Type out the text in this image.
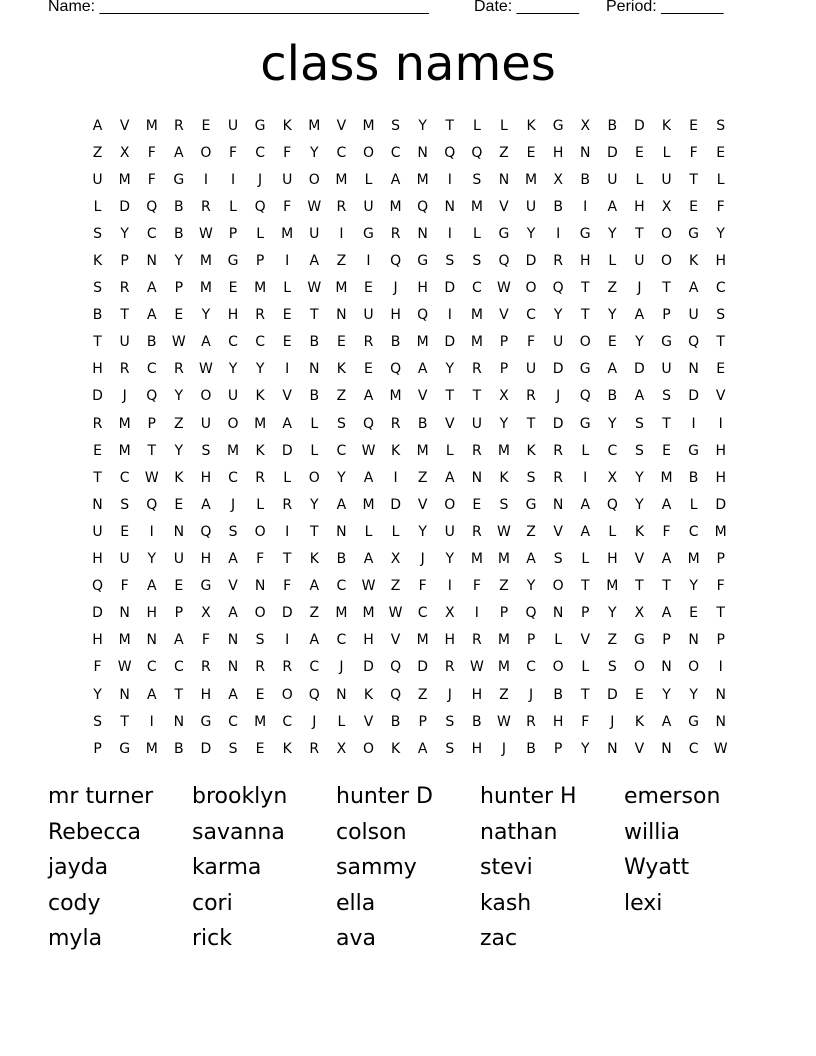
Name: _____________________________________	Date: _______ Period: _______
class names
A	V	M	R	E	U	G	K	M	V	M	S	Y	T	L	L	K	G	X	B	D	K	E	S
Z	X	F	A	O	F	C	F	Y	C	O	C	N	Q	Q	Z	E	H	N	D	E	L	F	E
U	M	F	G	I	I	J	U	O	M	L	A	M	I	S	N	M	X	B	U	L	U	T	L
L	D	Q	B	R	L	Q	F	W	R	U	M	Q	N	M	V	U	B	I	A	H	X	E	F
S	Y	C	B	W	P	L	M	U	I	G	R	N	I	L	G	Y	I	G	Y	T	O	G	Y
K	P	N	Y	M	G	P	I	A	Z	I	Q	G	S	S	Q	D	R	H	L	U	O	K	H
S	R	A	P	M	E	M	L	W	M	E	J	H	D	C	W	O	Q	T	Z	J	T	A	C
B	T	A	E	Y	H	R	E	T	N	U	H	Q	I	M	V	C	Y	T	Y	A	P	U	S
T	U	B	W	A	C	C	E	B	E	R	B	M	D	M	P	F	U	O	E	Y	G	Q	T
H	R	C	R	W	Y	Y	I	N	K	E	Q	A	Y	R	P	U	D	G	A	D	U	N	E
D	J	Q	Y	O	U	K	V	B	Z	A	M	V	T	T	X	R	J	Q	B	A	S	D	V
R	M	P	Z	U	O	M	A	L	S	Q	R	B	V	U	Y	T	D	G	Y	S	T	I	I
E	M	T	Y	S	M	K	D	L	C	W	K	M	L	R	M	K	R	L	C	S	E	G	H
T	C	W	K	H	C	R	L	O	Y	A	I	Z	A	N	K	S	R	I	X	Y	M	B	H
N	S	Q	E	A	J	L	R	Y	A	M	D	V	O	E	S	G	N	A	Q	Y	A	L	D
U	E	I	N	Q	S	O	I	T	N	L	L	Y	U	R	W	Z	V	A	L	K	F	C	M
H	U	Y	U	H	A	F	T	K	B	A	X	J	Y	M	M	A	S	L	H	V	A	M	P
Q	F	A	E	G	V	N	F	A	C	W	Z	F	I	F	Z	Y	O	T	M	T	T	Y	F
D	N	H	P	X	A	O	D	Z	M	M	W	C	X	I	P	Q	N	P	Y	X	A	E	T
H	M	N	A	F	N	S	I	A	C	H	V	M	H	R	M	P	L	V	Z	G	P	N	P
F	W	C	C	R	N	R	R	C	J	D	Q	D	R	W	M	C	O	L	S	O	N	O	I
Y	N	A	T	H	A	E	O	Q	N	K	Q	Z	J	H	Z	J	B	T	D	E	Y	Y	N
S	T	I	N	G	C	M	C	J	L	V	B	P	S	B	W	R	H	F	J	K	A	G	N
P	G	M	B	D	S	E	K	R	X	O	K	A	S	H	J	B	P	Y	N	V	N	C	W
mr turner	brooklyn	hunter D	hunter H	emerson
Rebecca	savanna	colson	nathan	willia
jayda	karma	sammy	stevi	Wyatt
cody	cori	ella	kash	lexi
myla	rick	ava	zac
